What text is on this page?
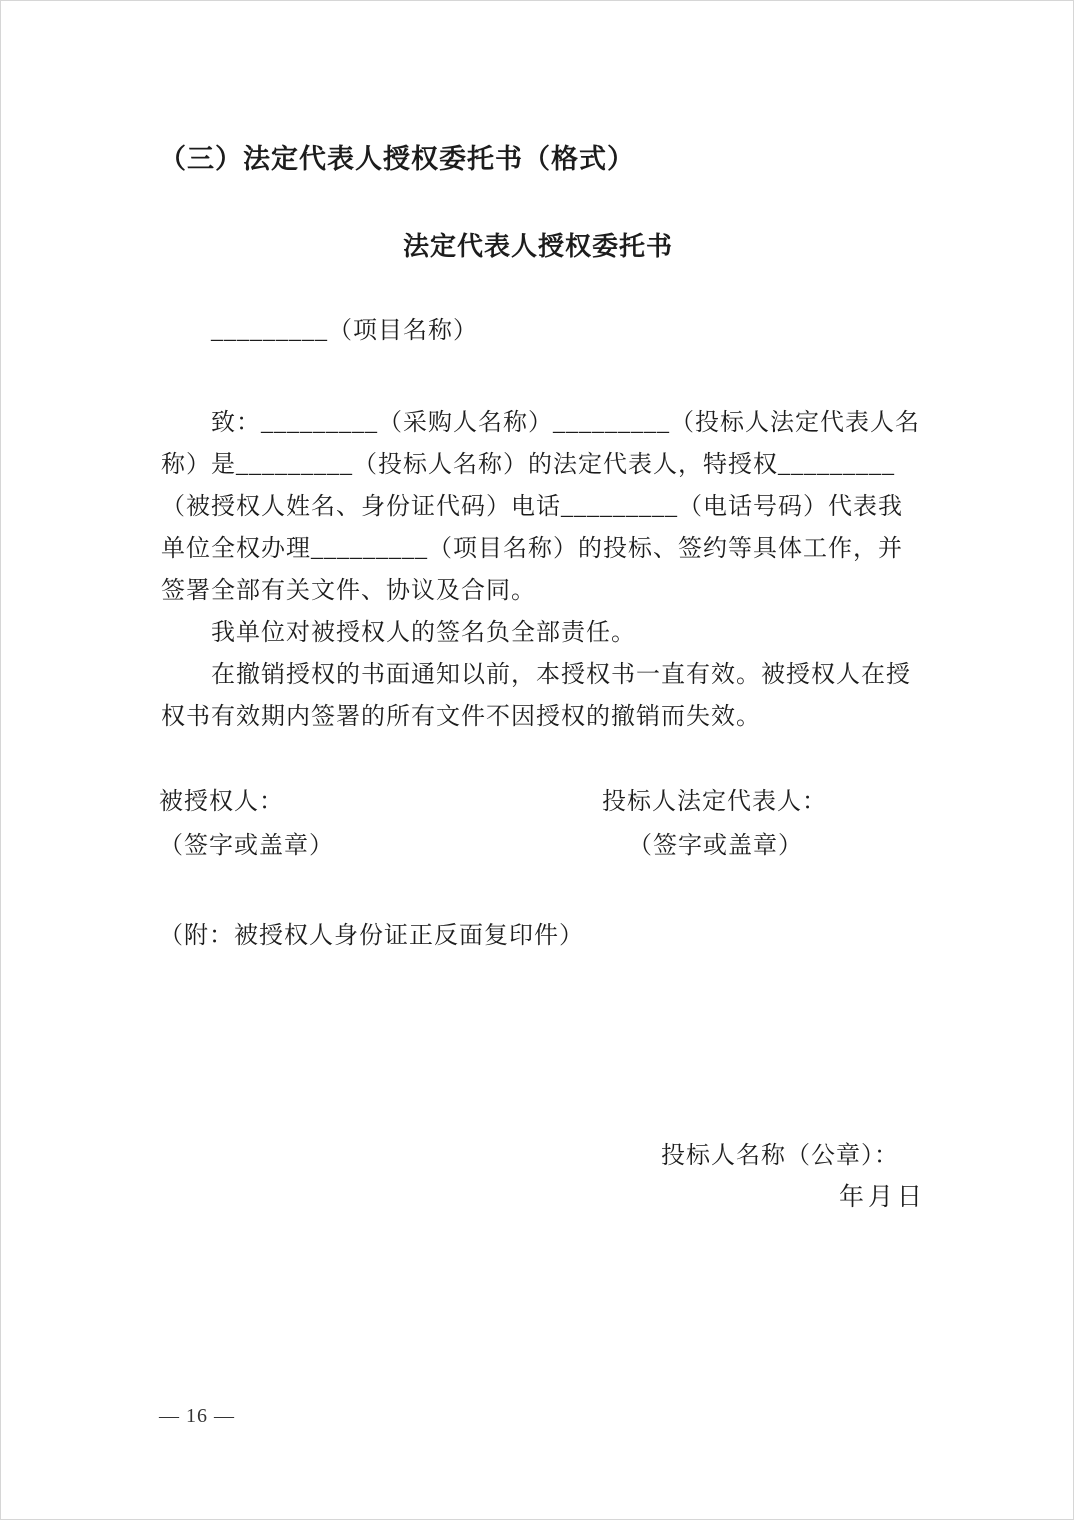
（三）法定代表人授权委托书（格式）
法定代表人授权委托书
_________（项目名称）
致：_________（采购人名称）_________（投标人法定代表人名
称）是_________（投标人名称）的法定代表人，特授权_________
（被授权人姓名、身份证代码）电话_________（电话号码）代表我
单位全权办理_________（项目名称）的投标、签约等具体工作，并
签署全部有关文件、协议及合同。
我单位对被授权人的签名负全部责任。
在撤销授权的书面通知以前，本授权书一直有效。被授权人在授
权书有效期内签署的所有文件不因授权的撤销而失效。
被授权人：	投标人法定代表人：
（签字或盖章）	（签字或盖章）
（附：被授权人身份证正反面复印件）
投标人名称（公章）：
年月日
— 16 —
